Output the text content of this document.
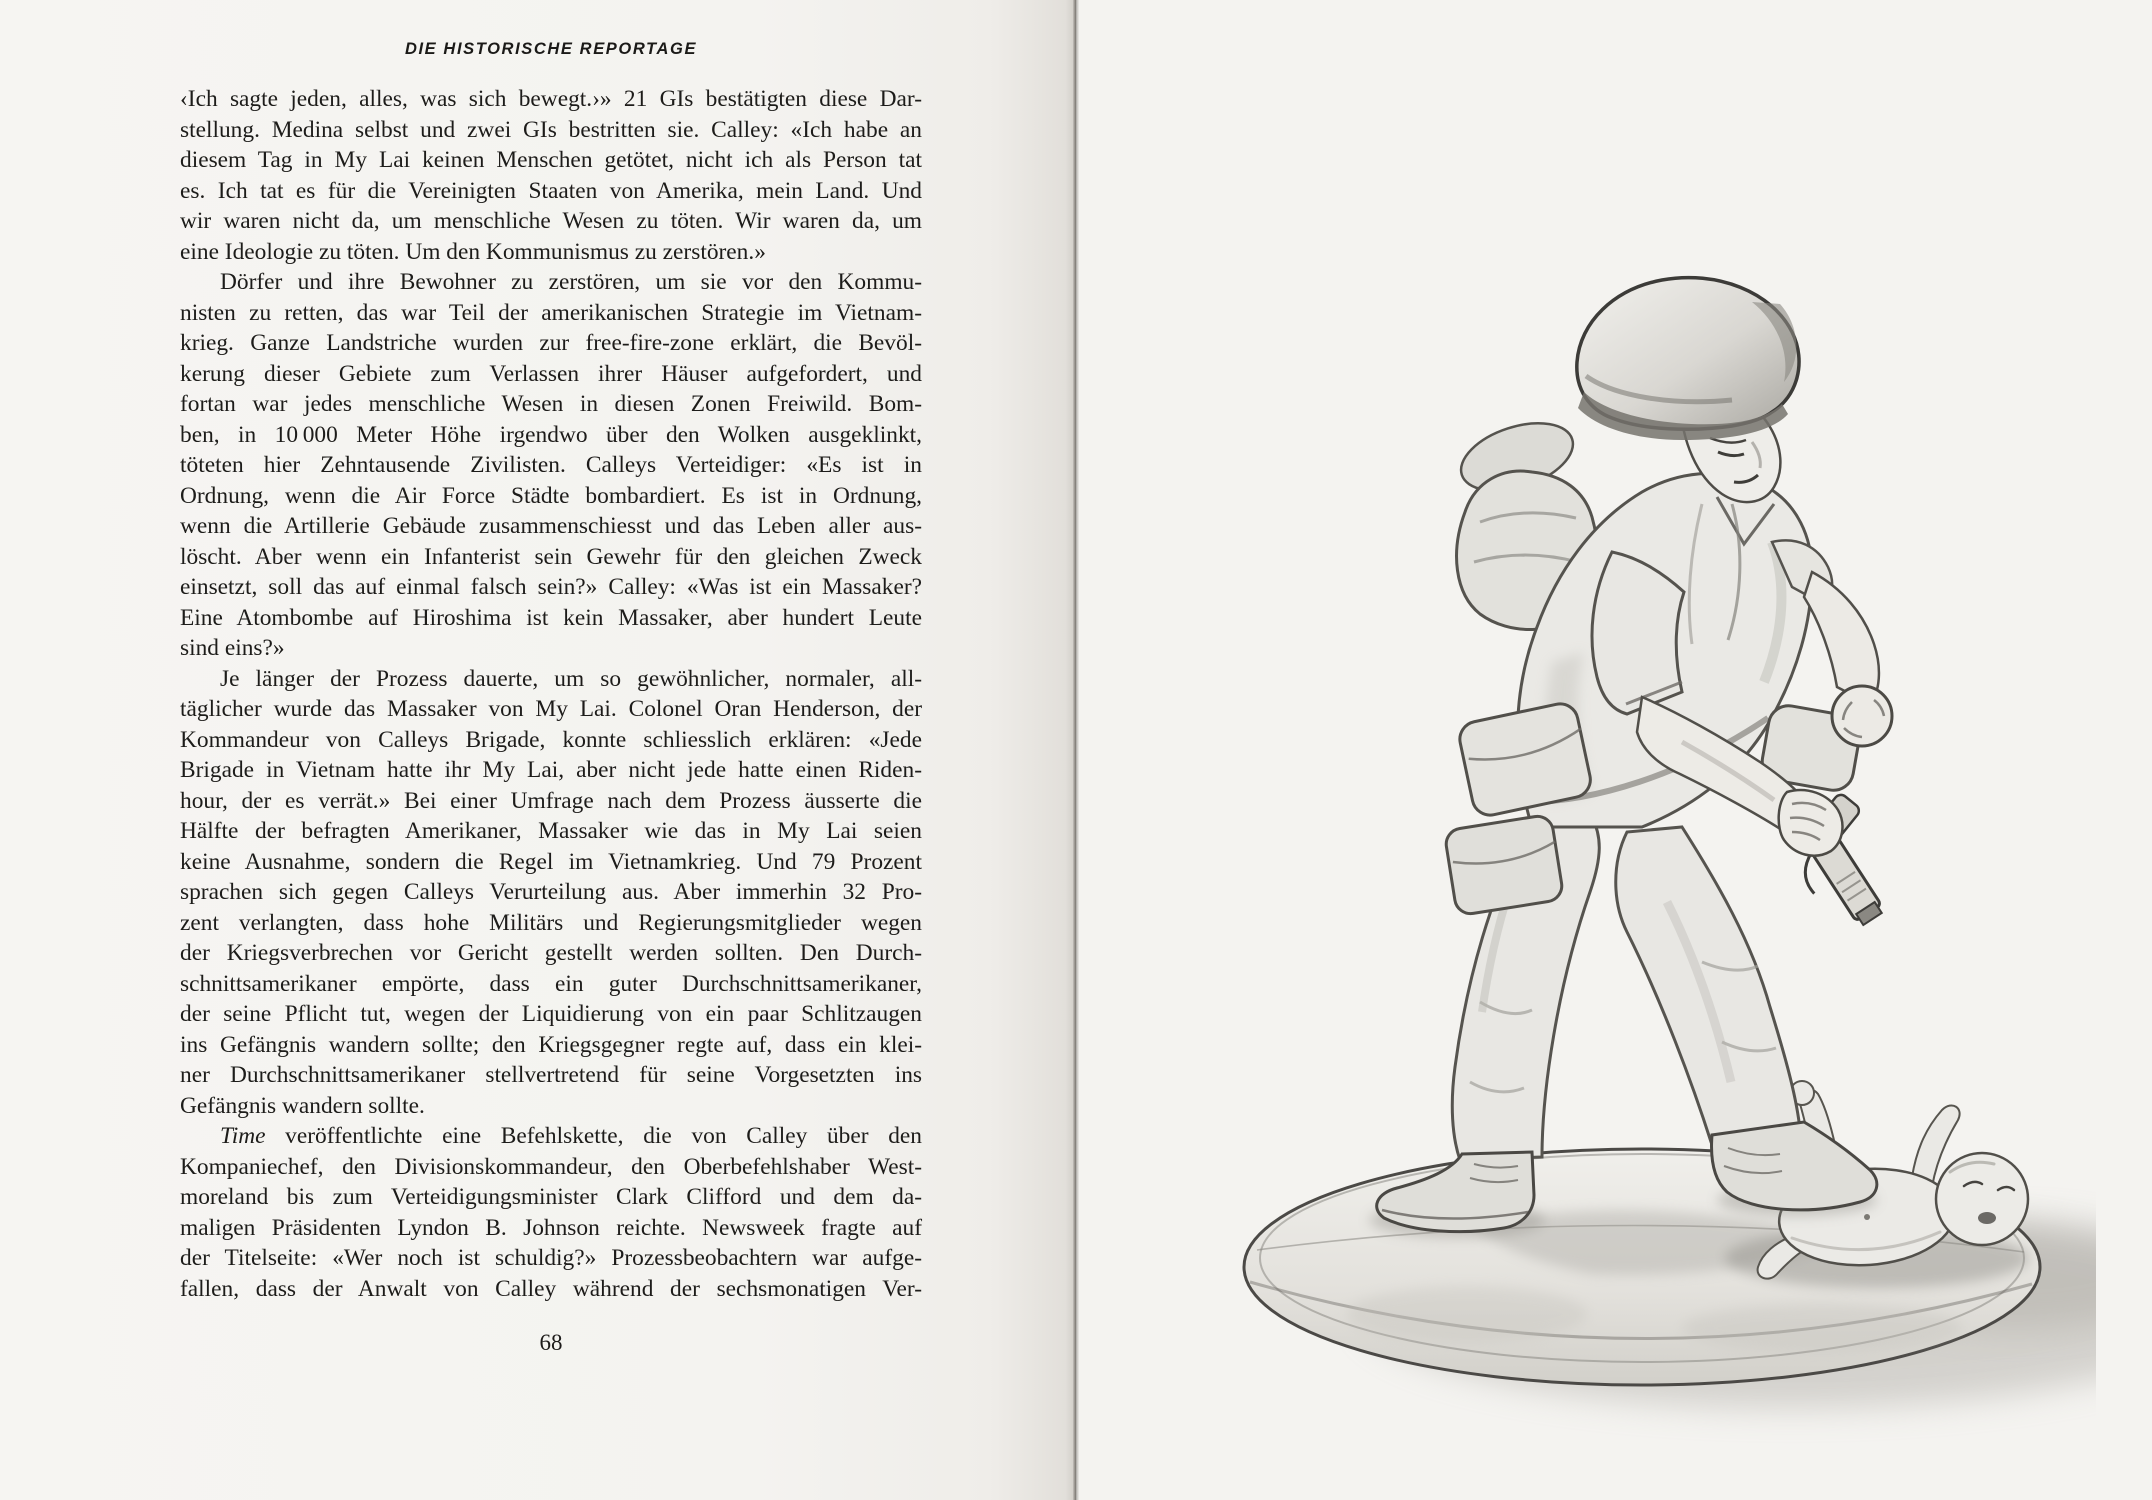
DIE HISTORISCHE REPORTAGE
‹Ich sagte jeden, alles, was sich bewegt.›» 21 GIs bestätigten diese Dar-
stellung. Medina selbst und zwei GIs bestritten sie. Calley: «Ich habe an
diesem Tag in My Lai keinen Menschen getötet, nicht ich als Person tat
es. Ich tat es für die Vereinigten Staaten von Amerika, mein Land. Und
wir waren nicht da, um menschliche Wesen zu töten. Wir waren da, um
eine Ideologie zu töten. Um den Kommunismus zu zerstören.»
Dörfer und ihre Bewohner zu zerstören, um sie vor den Kommu-
nisten zu retten, das war Teil der amerikanischen Strategie im Vietnam-
krieg. Ganze Landstriche wurden zur free-fire-zone erklärt, die Bevöl-
kerung dieser Gebiete zum Verlassen ihrer Häuser aufgefordert, und
fortan war jedes menschliche Wesen in diesen Zonen Freiwild. Bom-
ben, in 10 000 Meter Höhe irgendwo über den Wolken ausgeklinkt,
töteten hier Zehntausende Zivilisten. Calleys Verteidiger: «Es ist in
Ordnung, wenn die Air Force Städte bombardiert. Es ist in Ordnung,
wenn die Artillerie Gebäude zusammenschiesst und das Leben aller aus-
löscht. Aber wenn ein Infanterist sein Gewehr für den gleichen Zweck
einsetzt, soll das auf einmal falsch sein?» Calley: «Was ist ein Massaker?
Eine Atombombe auf Hiroshima ist kein Massaker, aber hundert Leute
sind eins?»
Je länger der Prozess dauerte, um so gewöhnlicher, normaler, all-
täglicher wurde das Massaker von My Lai. Colonel Oran Henderson, der
Kommandeur von Calleys Brigade, konnte schliesslich erklären: «Jede
Brigade in Vietnam hatte ihr My Lai, aber nicht jede hatte einen Riden-
hour, der es verrät.» Bei einer Umfrage nach dem Prozess äusserte die
Hälfte der befragten Amerikaner, Massaker wie das in My Lai seien
keine Ausnahme, sondern die Regel im Vietnamkrieg. Und 79 Prozent
sprachen sich gegen Calleys Verurteilung aus. Aber immerhin 32 Pro-
zent verlangten, dass hohe Militärs und Regierungsmitglieder wegen
der Kriegsverbrechen vor Gericht gestellt werden sollten. Den Durch-
schnittsamerikaner empörte, dass ein guter Durchschnittsamerikaner,
der seine Pflicht tut, wegen der Liquidierung von ein paar Schlitzaugen
ins Gefängnis wandern sollte; den Kriegsgegner regte auf, dass ein klei-
ner Durchschnittsamerikaner stellvertretend für seine Vorgesetzten ins
Gefängnis wandern sollte.
Time veröffentlichte eine Befehlskette, die von Calley über den
Kompaniechef, den Divisionskommandeur, den Oberbefehlshaber West-
moreland bis zum Verteidigungsminister Clark Clifford und dem da-
maligen Präsidenten Lyndon B. Johnson reichte. Newsweek fragte auf
der Titelseite: «Wer noch ist schuldig?» Prozessbeobachtern war aufge-
fallen, dass der Anwalt von Calley während der sechsmonatigen Ver-
68
